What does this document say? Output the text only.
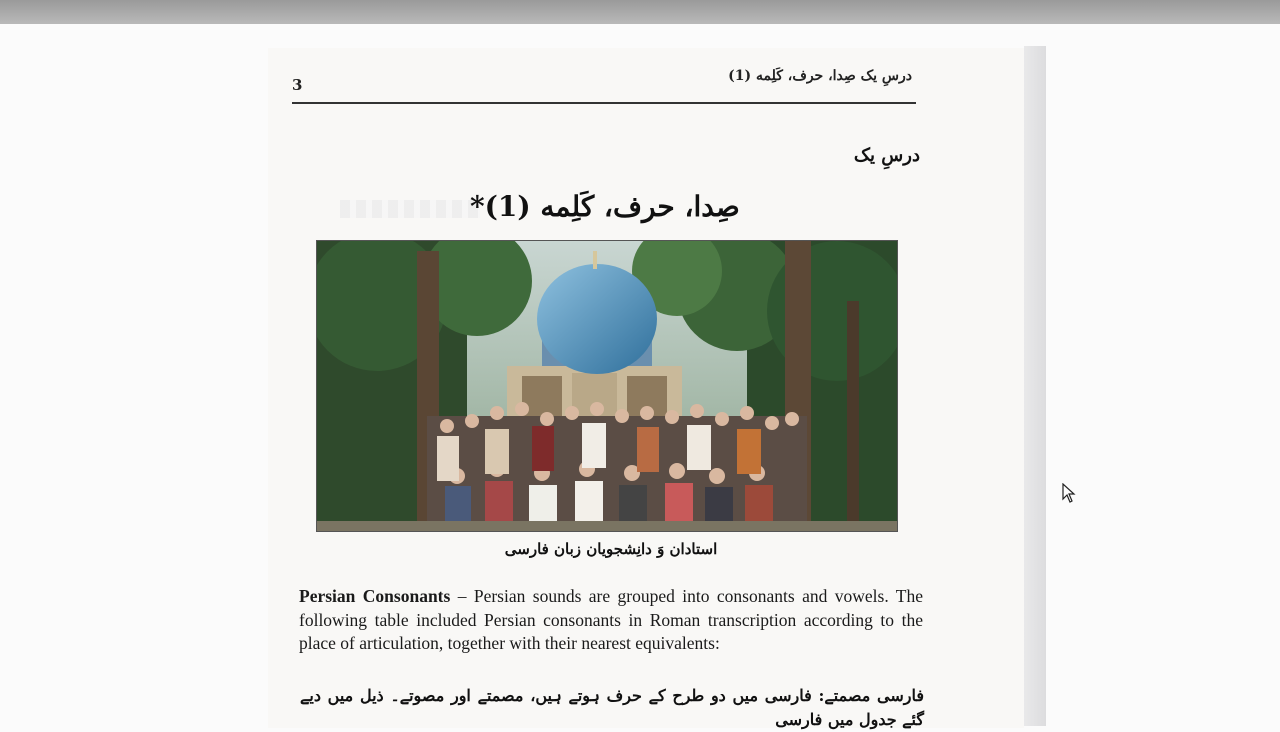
3	درسِ یک صِدا، حرف، کَلِمه (1)
درسِ یک
صِدا، حرف، کَلِمه (1)*
استادان وَ دانِشجویان زبان فارسی
Persian Consonants – Persian sounds are grouped into consonants and vowels. The following table included Persian consonants in Roman transcription according to the place of articulation, together with their nearest equivalents:
فارسی مصمتے: فارسی میں دو طرح کے حرف ہوتے ہیں، مصمتے اور مصوتے۔ ذیل میں دیے گئے جدول میں فارسی
